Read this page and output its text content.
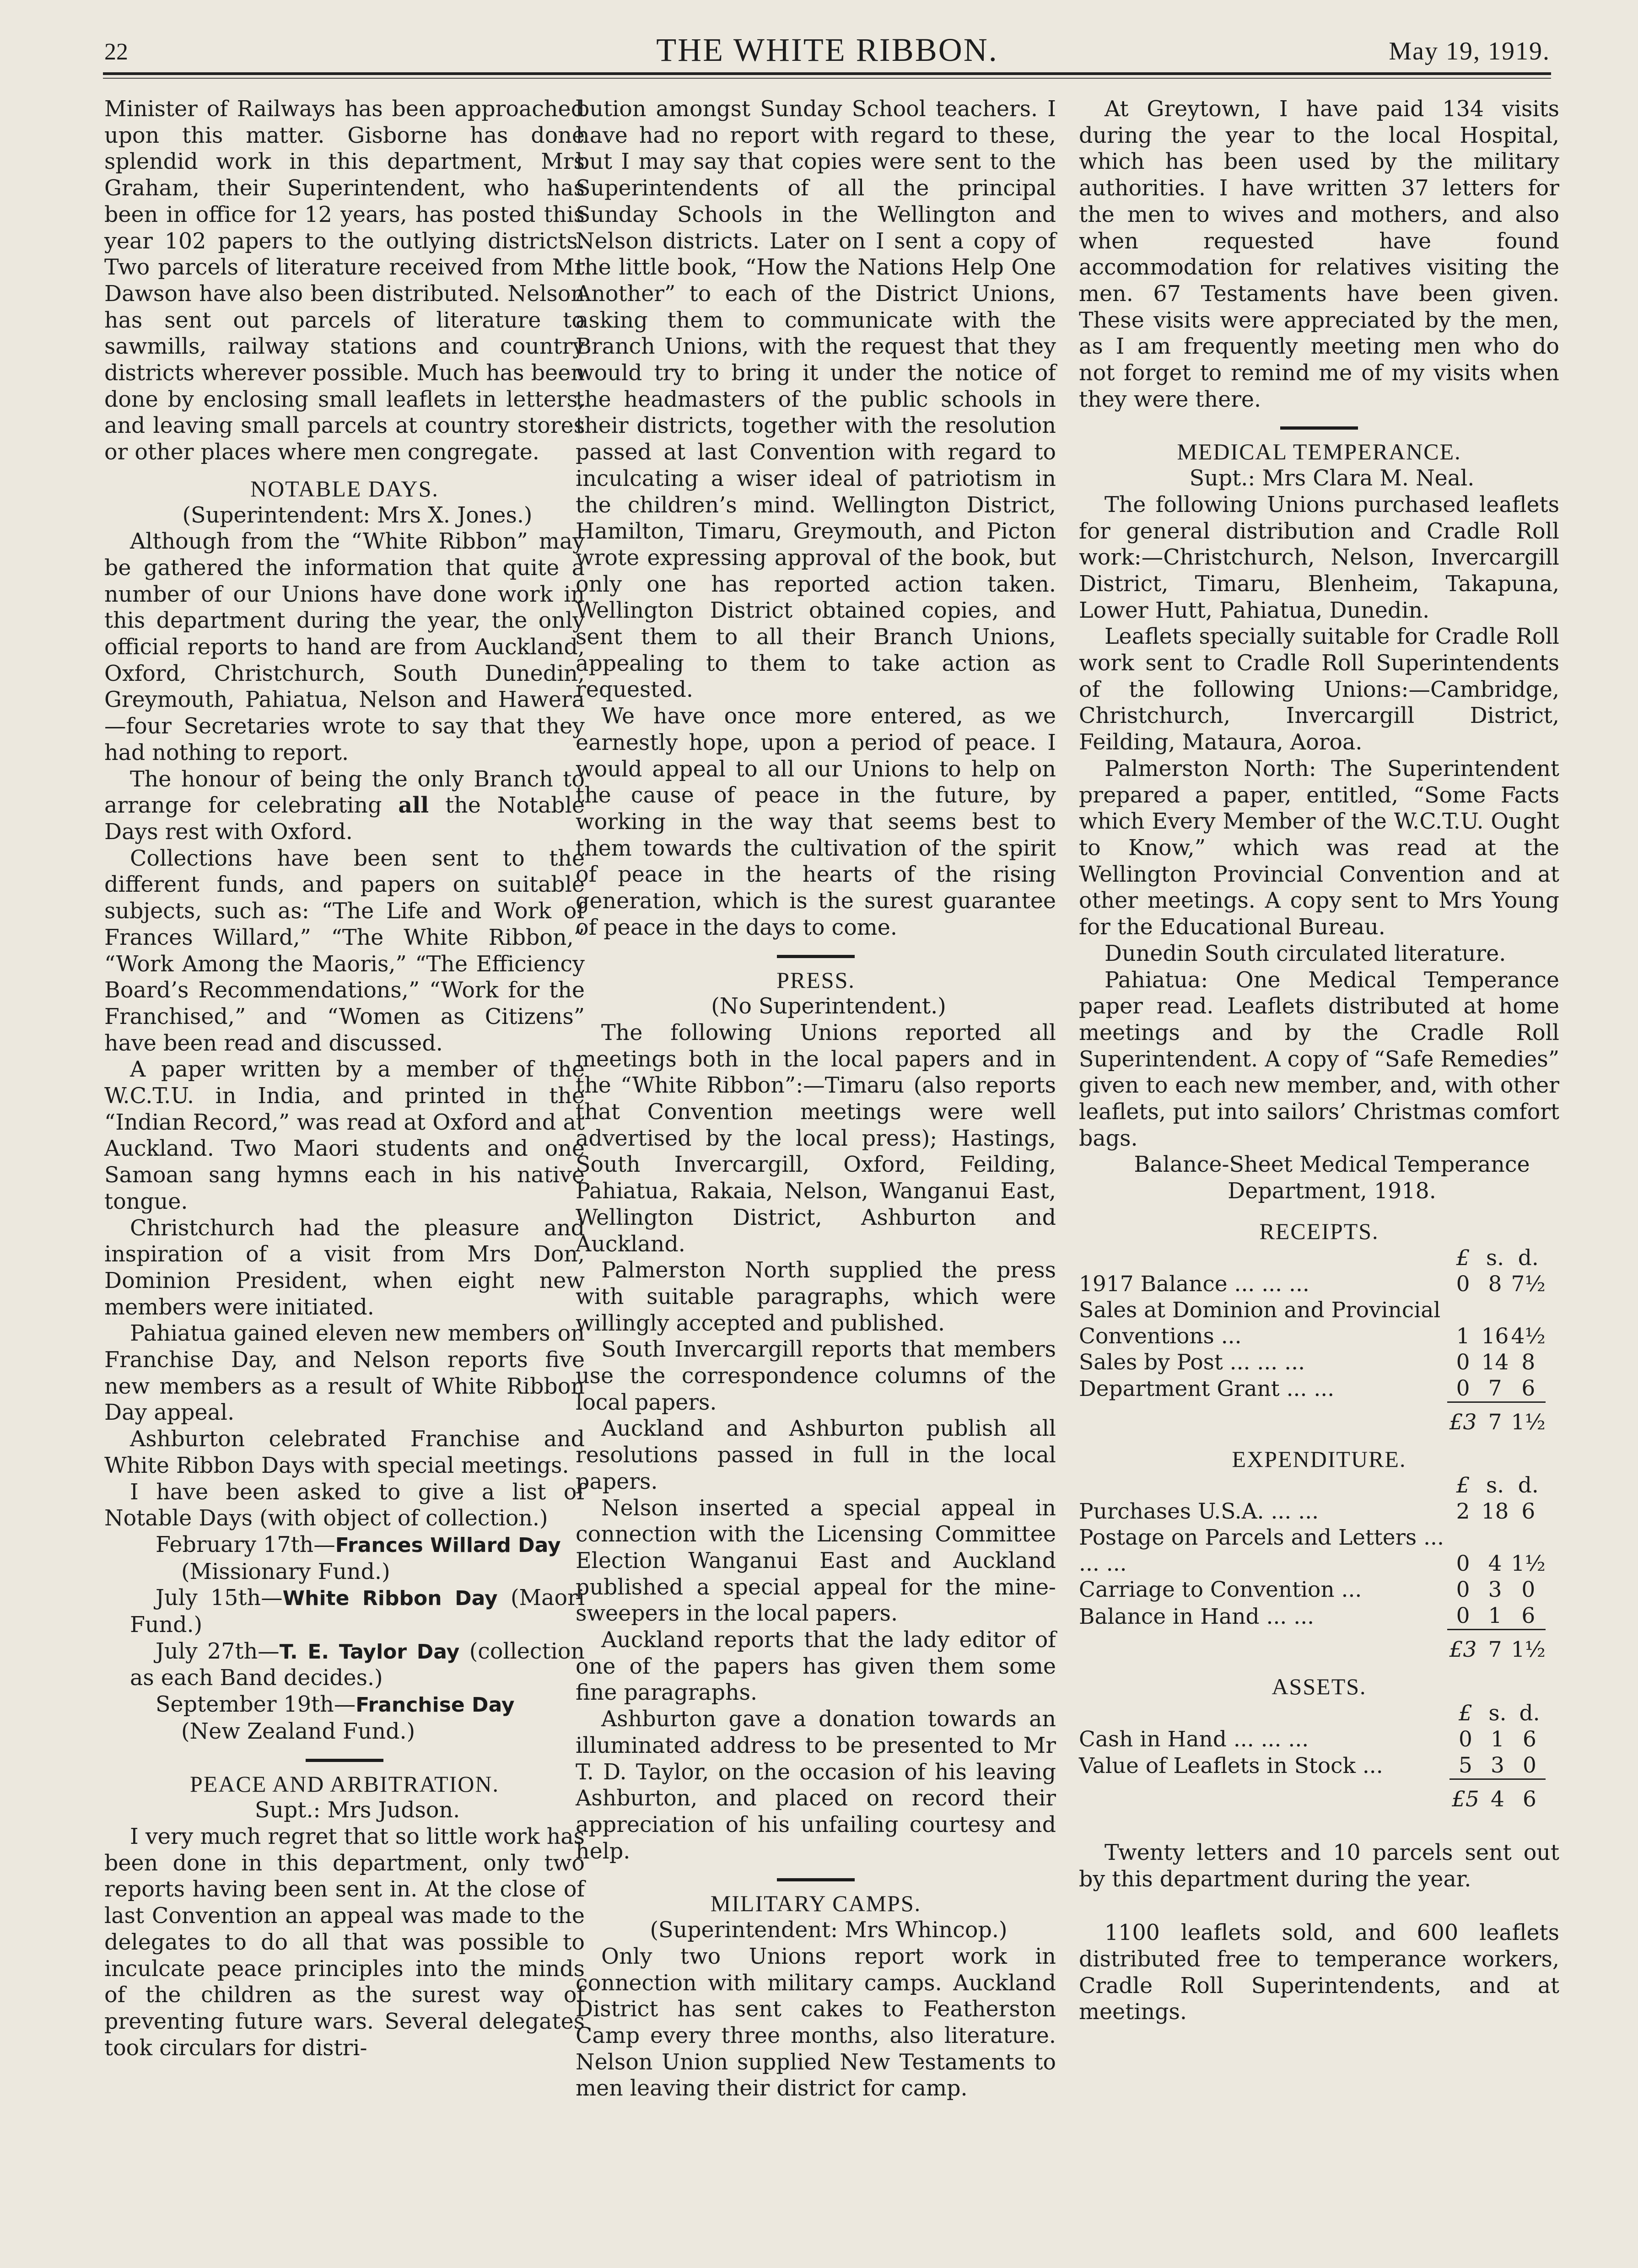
22	THE WHITE RIBBON.	May 19, 1919.

Minister of Railways has been approached upon this matter. Gisborne has done splendid work in this department, Mrs Graham, their Superintendent, who has been in office for 12 years, has posted this year 102 papers to the outlying districts. Two parcels of literature received from Mr Dawson have also been distributed. Nelson has sent out parcels of literature to sawmills, railway stations and country districts wherever possible. Much has been done by enclosing small leaflets in letters, and leaving small parcels at country stores or other places where men congregate.

NOTABLE DAYS.

(Superintendent: Mrs X. Jones.)

Although from the “White Ribbon” may be gathered the information that quite a number of our Unions have done work in this department during the year, the only official reports to hand are from Auckland, Oxford, Christchurch, South Dunedin, Greymouth, Pahiatua, Nelson and Hawera—four Secretaries wrote to say that they had nothing to report.

The honour of being the only Branch to arrange for celebrating all the Notable Days rest with Oxford.

Collections have been sent to the different funds, and papers on suitable subjects, such as: “The Life and Work of Frances Willard,” “The White Ribbon,” “Work Among the Maoris,” “The Efficiency Board’s Recommendations,” “Work for the Franchised,” and “Women as Citizens” have been read and discussed.

A paper written by a member of the W.C.T.U. in India, and printed in the “Indian Record,” was read at Oxford and at Auckland. Two Maori students and one Samoan sang hymns each in his native tongue.

Christchurch had the pleasure and inspiration of a visit from Mrs Don, Dominion President, when eight new members were initiated.

Pahiatua gained eleven new members on Franchise Day, and Nelson reports five new members as a result of White Ribbon Day appeal.

Ashburton celebrated Franchise and White Ribbon Days with special meetings.

I have been asked to give a list of Notable Days (with object of collection.)

February 17th—Frances Willard Day
(Missionary Fund.)

July 15th—White Ribbon Day (Maori Fund.)

July 27th—T. E. Taylor Day (collection as each Band decides.)

September 19th—Franchise Day
(New Zealand Fund.)

PEACE AND ARBITRATION.

Supt.: Mrs Judson.

I very much regret that so little work has been done in this department, only two reports having been sent in. At the close of last Convention an appeal was made to the delegates to do all that was possible to inculcate peace principles into the minds of the children as the surest way of preventing future wars. Several delegates took circulars for distri-

bution amongst Sunday School teachers. I have had no report with regard to these, but I may say that copies were sent to the Superintendents of all the principal Sunday Schools in the Wellington and Nelson districts. Later on I sent a copy of the little book, “How the Nations Help One Another” to each of the District Unions, asking them to communicate with the Branch Unions, with the request that they would try to bring it under the notice of the headmasters of the public schools in their districts, together with the resolution passed at last Convention with regard to inculcating a wiser ideal of patriotism in the children’s mind. Wellington District, Hamilton, Timaru, Greymouth, and Picton wrote expressing approval of the book, but only one has reported action taken. Wellington District obtained copies, and sent them to all their Branch Unions, appealing to them to take action as requested.

We have once more entered, as we earnestly hope, upon a period of peace. I would appeal to all our Unions to help on the cause of peace in the future, by working in the way that seems best to them towards the cultivation of the spirit of peace in the hearts of the rising generation, which is the surest guarantee of peace in the days to come.

PRESS.

(No Superintendent.)

The following Unions reported all meetings both in the local papers and in the “White Ribbon”:—Timaru (also reports that Convention meetings were well advertised by the local press); Hastings, South Invercargill, Oxford, Feilding, Pahiatua, Rakaia, Nelson, Wanganui East, Wellington District, Ashburton and Auckland.

Palmerston North supplied the press with suitable paragraphs, which were willingly accepted and published.

South Invercargill reports that members use the correspondence columns of the local papers.

Auckland and Ashburton publish all resolutions passed in full in the local papers.

Nelson inserted a special appeal in connection with the Licensing Committee Election Wanganui East and Auckland published a special appeal for the mine-sweepers in the local papers.

Auckland reports that the lady editor of one of the papers has given them some fine paragraphs.

Ashburton gave a donation towards an illuminated address to be presented to Mr T. D. Taylor, on the occasion of his leaving Ashburton, and placed on record their appreciation of his unfailing courtesy and help.

MILITARY CAMPS.

(Superintendent: Mrs Whincop.)

Only two Unions report work in connection with military camps. Auckland District has sent cakes to Featherston Camp every three months, also literature. Nelson Union supplied New Testaments to men leaving their district for camp.

At Greytown, I have paid 134 visits during the year to the local Hospital, which has been used by the military authorities. I have written 37 letters for the men to wives and mothers, and also when requested have found accommodation for relatives visiting the men. 67 Testaments have been given. These visits were appreciated by the men, as I am frequently meeting men who do not forget to remind me of my visits when they were there.

MEDICAL TEMPERANCE.

Supt.: Mrs Clara M. Neal.

The following Unions purchased leaflets for general distribution and Cradle Roll work:—Christchurch, Nelson, Invercargill District, Timaru, Blenheim, Takapuna, Lower Hutt, Pahiatua, Dunedin.

Leaflets specially suitable for Cradle Roll work sent to Cradle Roll Superintendents of the following Unions:—Cambridge, Christchurch, Invercargill District, Feilding, Mataura, Aoroa.

Palmerston North: The Superintendent prepared a paper, entitled, “Some Facts which Every Member of the W.C.T.U. Ought to Know,” which was read at the Wellington Provincial Convention and at other meetings. A copy sent to Mrs Young for the Educational Bureau.

Dunedin South circulated literature.

Pahiatua: One Medical Temperance paper read. Leaflets distributed at home meetings and by the Cradle Roll Superintendent. A copy of “Safe Remedies” given to each new member, and, with other leaflets, put into sailors’ Christmas comfort bags.

Balance-Sheet Medical Temperance

Department, 1918.

RECEIPTS.
	£	s.	d.
1917 Balance ... ... ...	0	8	7½
Sales at Dominion and Provincial Conventions ...	1	16	4½
Sales by Post ... ... ...	0	14	8
Department Grant ... ...	0	7	6
	£3	7	1½
EXPENDITURE.
	£	s.	d.
Purchases U.S.A. ... ...	2	18	6
Postage on Parcels and Letters ... ... ...	0	4	1½
Carriage to Convention ...	0	3	0
Balance in Hand ... ...	0	1	6
	£3	7	1½
ASSETS.
	£	s.	d.
Cash in Hand ... ... ...	0	1	6
Value of Leaflets in Stock ...	5	3	0
	£5	4	6

Twenty letters and 10 parcels sent out by this department during the year.

1100 leaflets sold, and 600 leaflets distributed free to temperance workers, Cradle Roll Superintendents, and at meetings.
